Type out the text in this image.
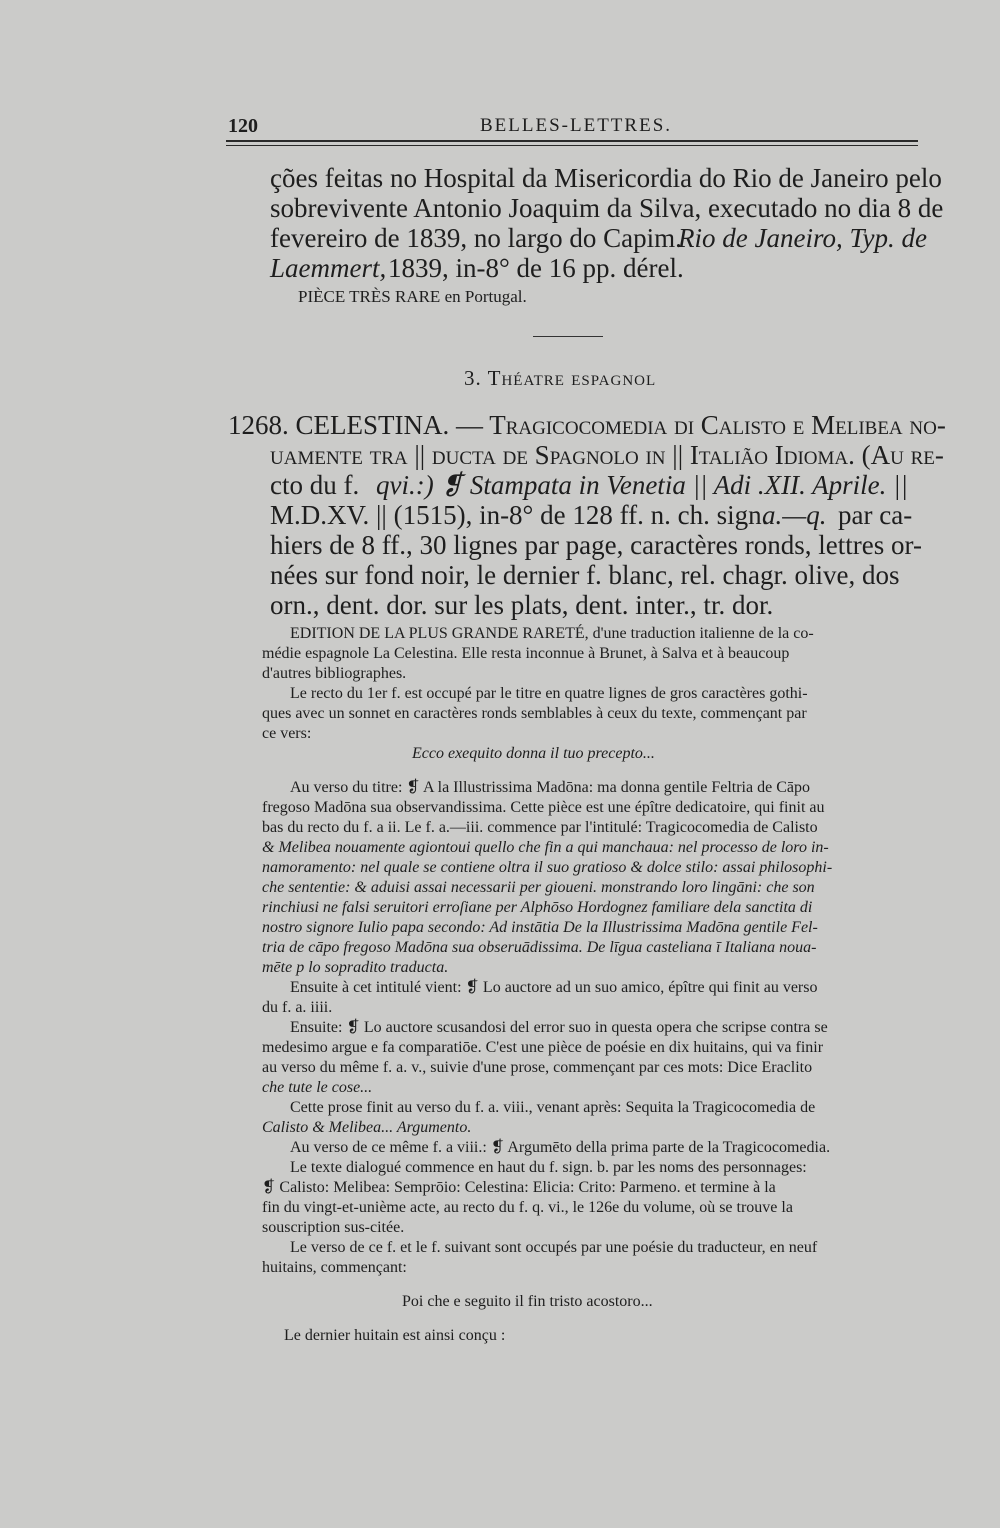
120	BELLES-LETTRES.
ções feitas no Hospital da Misericordia do Rio de Janeiro pelo
sobrevivente Antonio Joaquim da Silva, executado no dia 8 de
fevereiro de 1839, no largo do Capim.
Rio de Janeiro, Typ. de
Laemmert, 1839, in-8° de 16 pp. dérel.
PIÈCE TRÈS RARE en Portugal.
3. Théatre espagnol
1268. CELESTINA. — Tragicocomedia di Calisto e Melibea no-
uamente tra || ducta de Spagnolo in || Italião Idioma. (Au re-
cto du f. qvi.:) ❡ Stampata in Venetia || Adi .XII. Aprile. ||
M.D.XV. || (1515), in-8° de 128 ff. n. ch. sign.
a.—q. par ca-
hiers de 8 ff., 30 lignes par page, caractères ronds, lettres or-
nées sur fond noir, le dernier f. blanc, rel. chagr. olive, dos
orn., dent. dor. sur les plats, dent. inter., tr. dor.
EDITION DE LA PLUS GRANDE RARETÉ, d'une traduction italienne de la co-
médie espagnole La Celestina. Elle resta inconnue à Brunet, à Salva et à beaucoup
d'autres bibliographes.
Le recto du 1er f. est occupé par le titre en quatre lignes de gros caractères gothi-
ques avec un sonnet en caractères ronds semblables à ceux du texte, commençant par
ce vers:
Ecco exequito donna il tuo precepto...
Au verso du titre: ❡ A la Illustrissima Madōna: ma donna gentile Feltria de Cāpo
fregoso Madōna sua observandissima. Cette pièce est une épître dedicatoire, qui finit au
bas du recto du f. a ii. Le f. a.—iii. commence par l'intitulé: Tragicocomedia de Calisto
& Melibea nouamente agiontoui quello che fin a qui manchaua: nel processo de loro in-
namoramento: nel quale se contiene oltra il suo gratioso & dolce stilo: assai philosophi-
che sententie: & aduisi assai necessarii per gioueni. monstrando loro lingāni: che son
rinchiusi ne falsi seruitori erroſiane per Alphōso Hordognez familiare dela sanctita di
nostro signore Iulio papa secondo: Ad instātia De la Illustrissima Madōna gentile Fel-
tria de cāpo fregoso Madōna sua obseruādissima. De līgua casteliana ī Italiana noua-
mēte p lo sopradito traducta.
Ensuite à cet intitulé vient: ❡ Lo auctore ad un suo amico, épître qui finit au verso
du f. a. iiii.
Ensuite: ❡ Lo auctore scusandosi del error suo in questa opera che scripse contra se
medesimo argue e fa comparatiōe. C'est une pièce de poésie en dix huitains, qui va finir
au verso du même f. a. v., suivie d'une prose, commençant par ces mots: Dice Eraclito
che tute le cose...
Cette prose finit au verso du f. a. viii., venant après: Sequita la Tragicocomedia de
Calisto & Melibea... Argumento.
Au verso de ce même f. a viii.: ❡ Argumēto della prima parte de la Tragicocomedia.
Le texte dialogué commence en haut du f. sign. b. par les noms des personnages:
❡ Calisto: Melibea: Semprōio: Celestina: Elicia: Crito: Parmeno. et termine à la
fin du vingt-et-unième acte, au recto du f. q. vi., le 126e du volume, où se trouve la
souscription sus-citée.
Le verso de ce f. et le f. suivant sont occupés par une poésie du traducteur, en neuf
huitains, commençant:
Poi che e seguito il fin tristo acostoro...
Le dernier huitain est ainsi conçu :
